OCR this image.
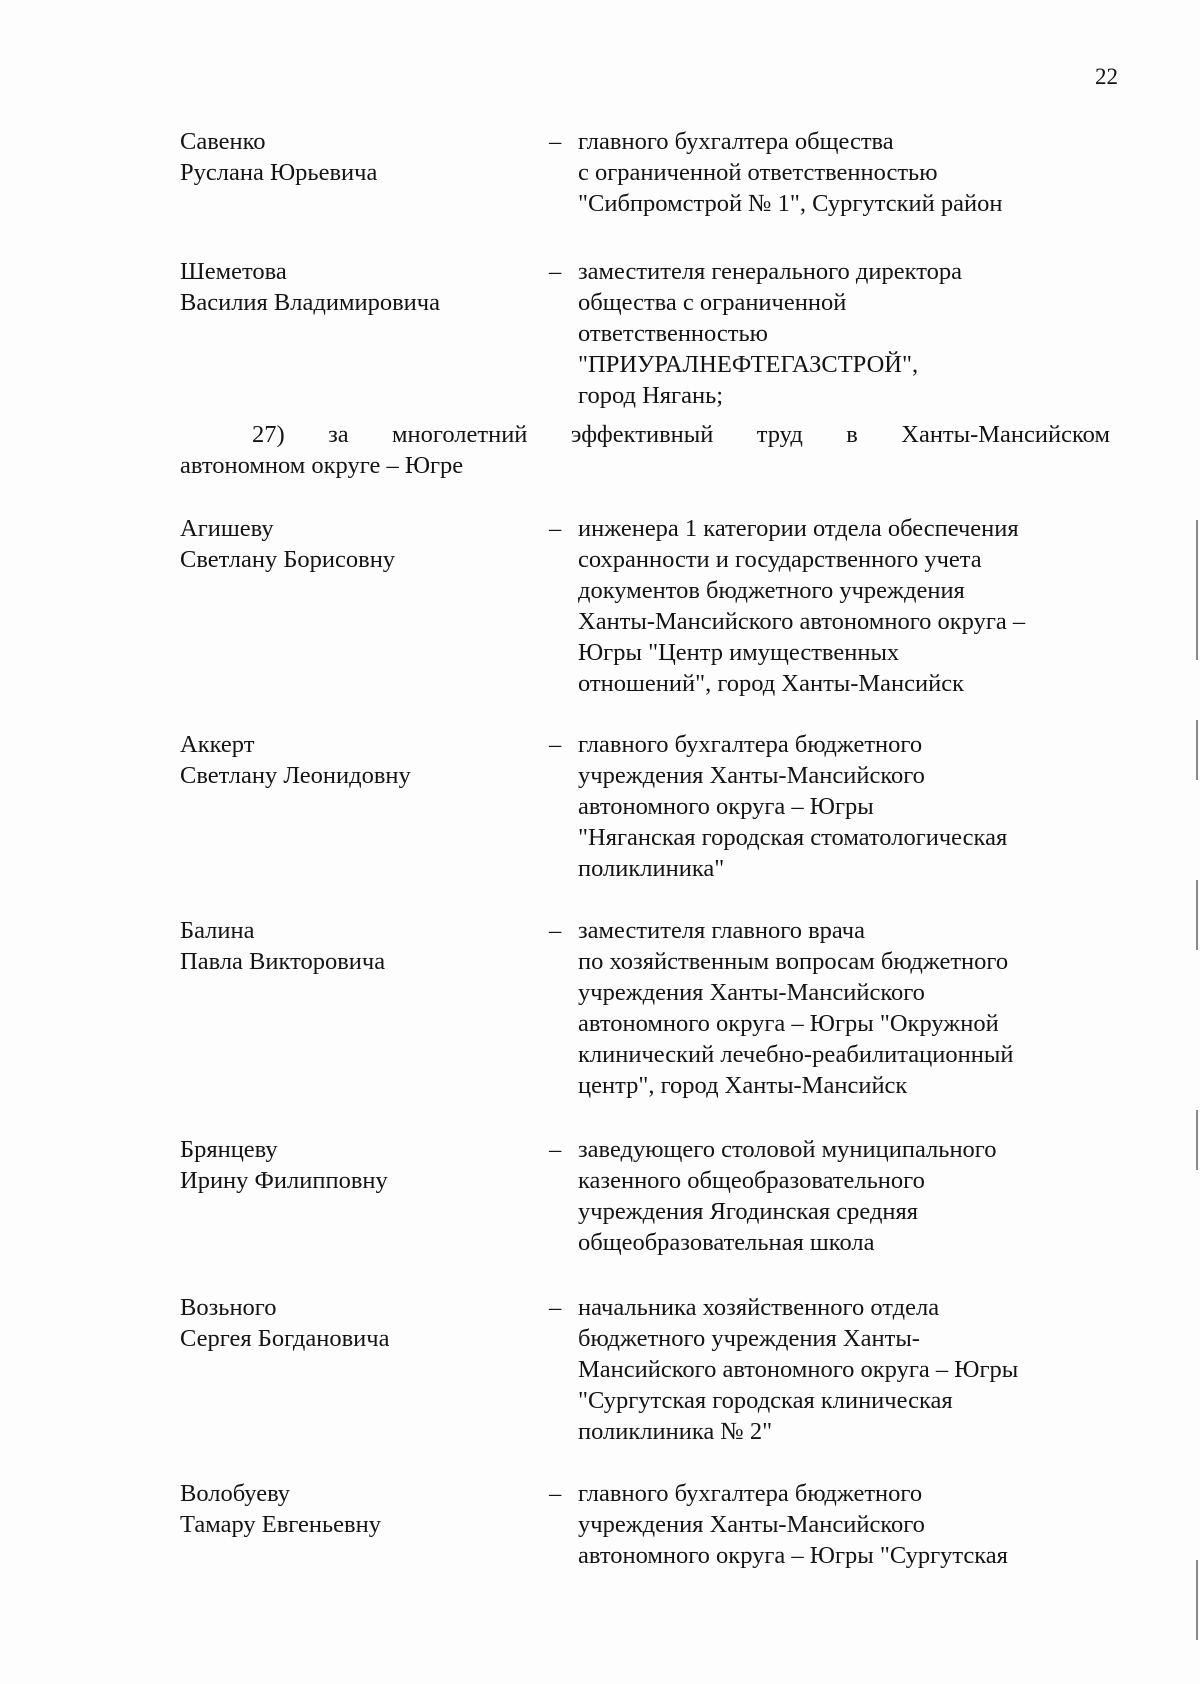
22
Савенко
Руслана Юрьевича
– главного бухгалтера общества
с ограниченной ответственностью
"Сибпромстрой № 1", Сургутский район
Шеметова
Василия Владимировича
– заместителя генерального директора
общества с ограниченной
ответственностью
"ПРИУРАЛНЕФТЕГАЗСТРОЙ",
город Нягань;
27) за многолетний эффективный труд в Ханты-Мансийском
автономном округе – Югре
Агишеву
Светлану Борисовну
– инженера 1 категории отдела обеспечения
сохранности и государственного учета
документов бюджетного учреждения
Ханты-Мансийского автономного округа –
Югры "Центр имущественных
отношений", город Ханты-Мансийск
Аккерт
Светлану Леонидовну
– главного бухгалтера бюджетного
учреждения Ханты-Мансийского
автономного округа – Югры
"Няганская городская стоматологическая
поликлиника"
Балина
Павла Викторовича
– заместителя главного врача
по хозяйственным вопросам бюджетного
учреждения Ханты-Мансийского
автономного округа – Югры "Окружной
клинический лечебно-реабилитационный
центр", город Ханты-Мансийск
Брянцеву
Ирину Филипповну
– заведующего столовой муниципального
казенного общеобразовательного
учреждения Ягодинская средняя
общеобразовательная школа
Возьного
Сергея Богдановича
– начальника хозяйственного отдела
бюджетного учреждения Ханты-
Мансийского автономного округа – Югры
"Сургутская городская клиническая
поликлиника № 2"
Волобуеву
Тамару Евгеньевну
– главного бухгалтера бюджетного
учреждения Ханты-Мансийского
автономного округа – Югры "Сургутская
